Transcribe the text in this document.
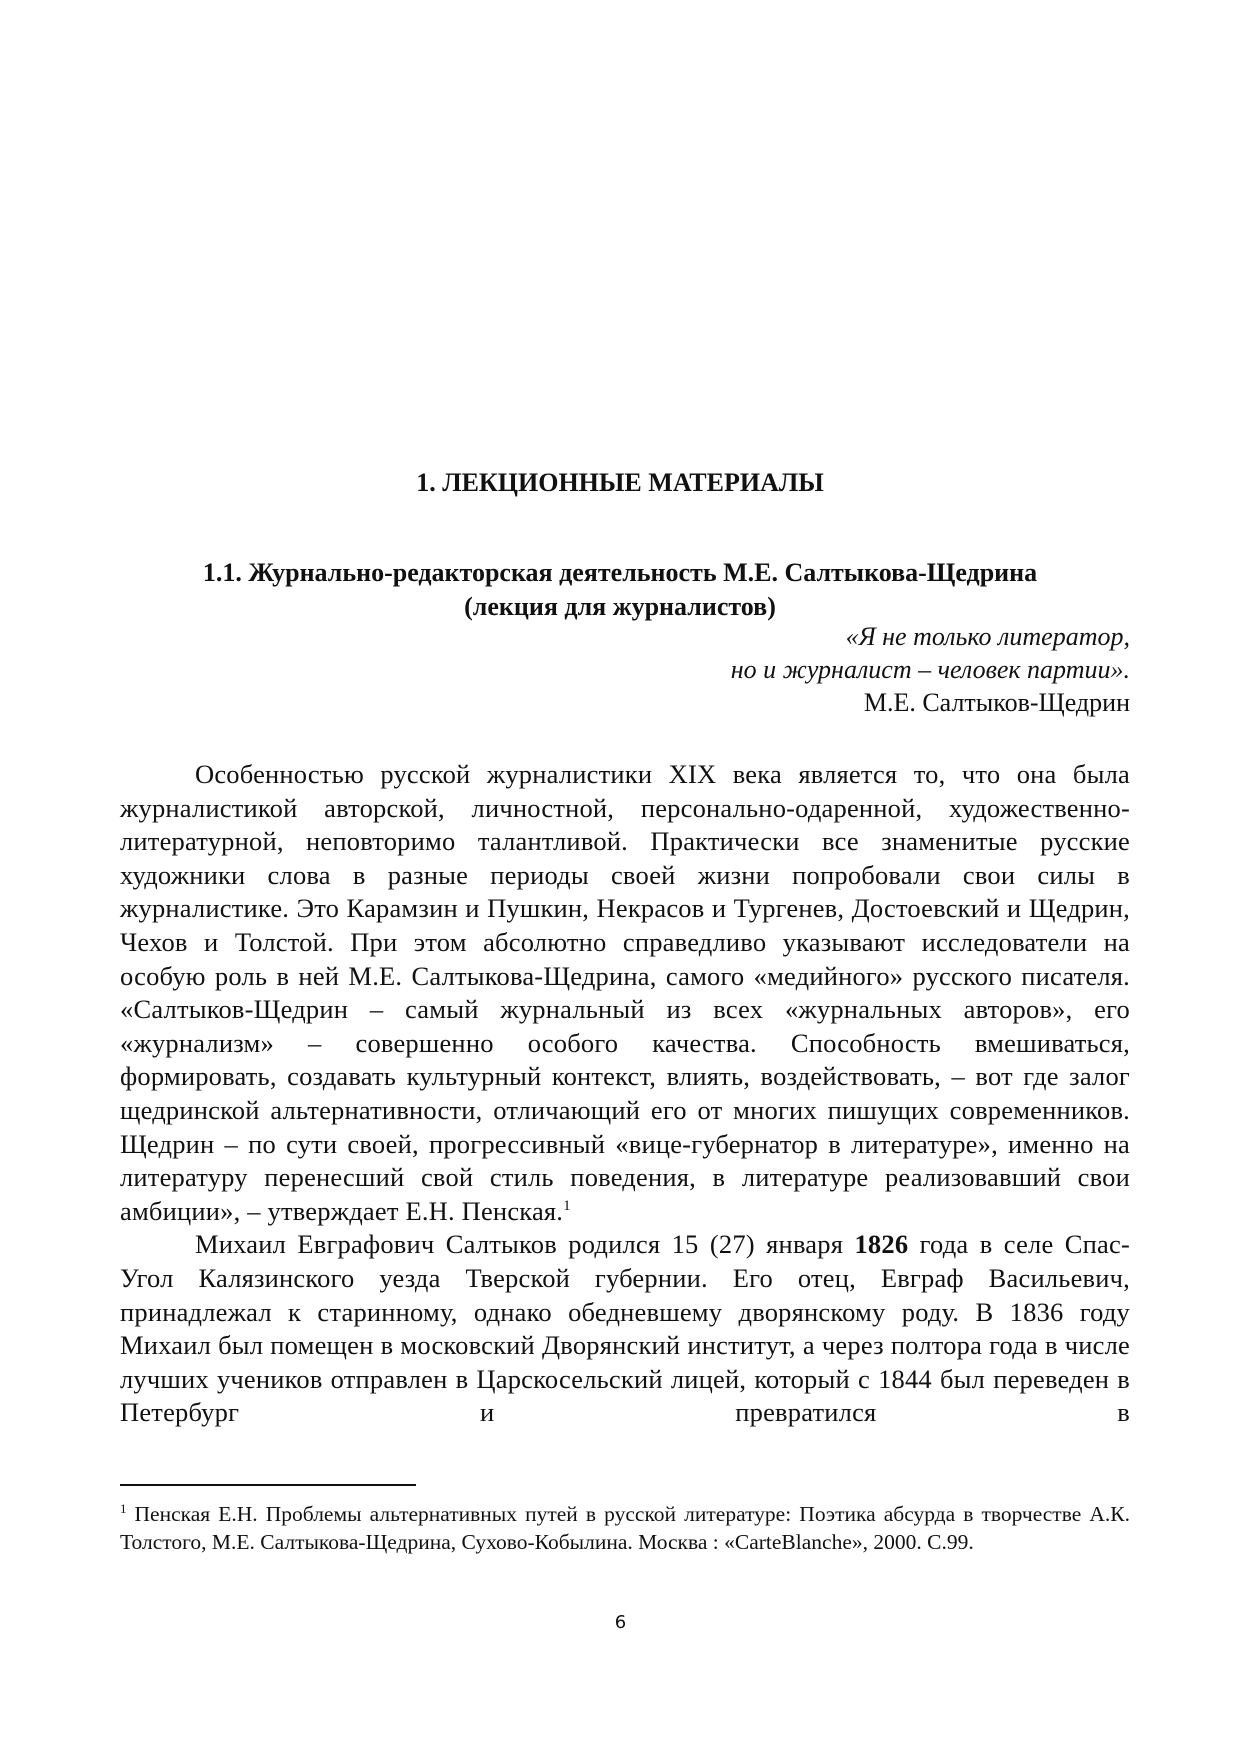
1. ЛЕКЦИОННЫЕ МАТЕРИАЛЫ
1.1. Журнально-редакторская деятельность М.Е. Салтыкова-Щедрина
(лекция для журналистов)
«Я не только литератор,
но и журналист – человек партии».
М.Е. Салтыков-Щедрин

Особенностью русской журналистики XIX века является то, что она была журналистикой авторской, личностной, персонально-одаренной, художественно-литературной, неповторимо талантливой. Практически все знаменитые русские художники слова в разные периоды своей жизни попробовали свои силы в журналистике. Это Карамзин и Пушкин, Некрасов и Тургенев, Достоевский и Щедрин, Чехов и Толстой. При этом абсолютно справедливо указывают исследователи на особую роль в ней М.Е. Салтыкова-Щедрина, самого «медийного» русского писателя. «Салтыков-Щедрин – самый журнальный из всех «журнальных авторов», его «журнализм» – совершенно особого качества. Способность вмешиваться, формировать, создавать культурный контекст, влиять, воздействовать, – вот где залог щедринской альтернативности, отличающий его от многих пишущих современников. Щедрин – по сути своей, прогрессивный «вице-губернатор в литературе», именно на литературу перенесший свой стиль поведения, в литературе реализовавший свои амбиции», – утверждает Е.Н. Пенская.$^1$

Михаил Евграфович Салтыков родился 15 (27) января 1826 года в селе Спас-Угол Калязинского уезда Тверской губернии. Его отец, Евграф Васильевич, принадлежал к старинному, однако обедневшему дворянскому роду. В 1836 году Михаил был помещен в московский Дворянский институт, а через полтора года в числе лучших учеников отправлен в Царскосельский лицей, который с 1844 был переведен в Петербург и превратился в

$^1$ Пенская Е.Н. Проблемы альтернативных путей в русской литературе: Поэтика абсурда в творчестве А.К. Толстого, М.Е. Салтыкова-Щедрина, Сухово-Кобылина. Москва : «CarteBlanche», 2000. С.99.
6
